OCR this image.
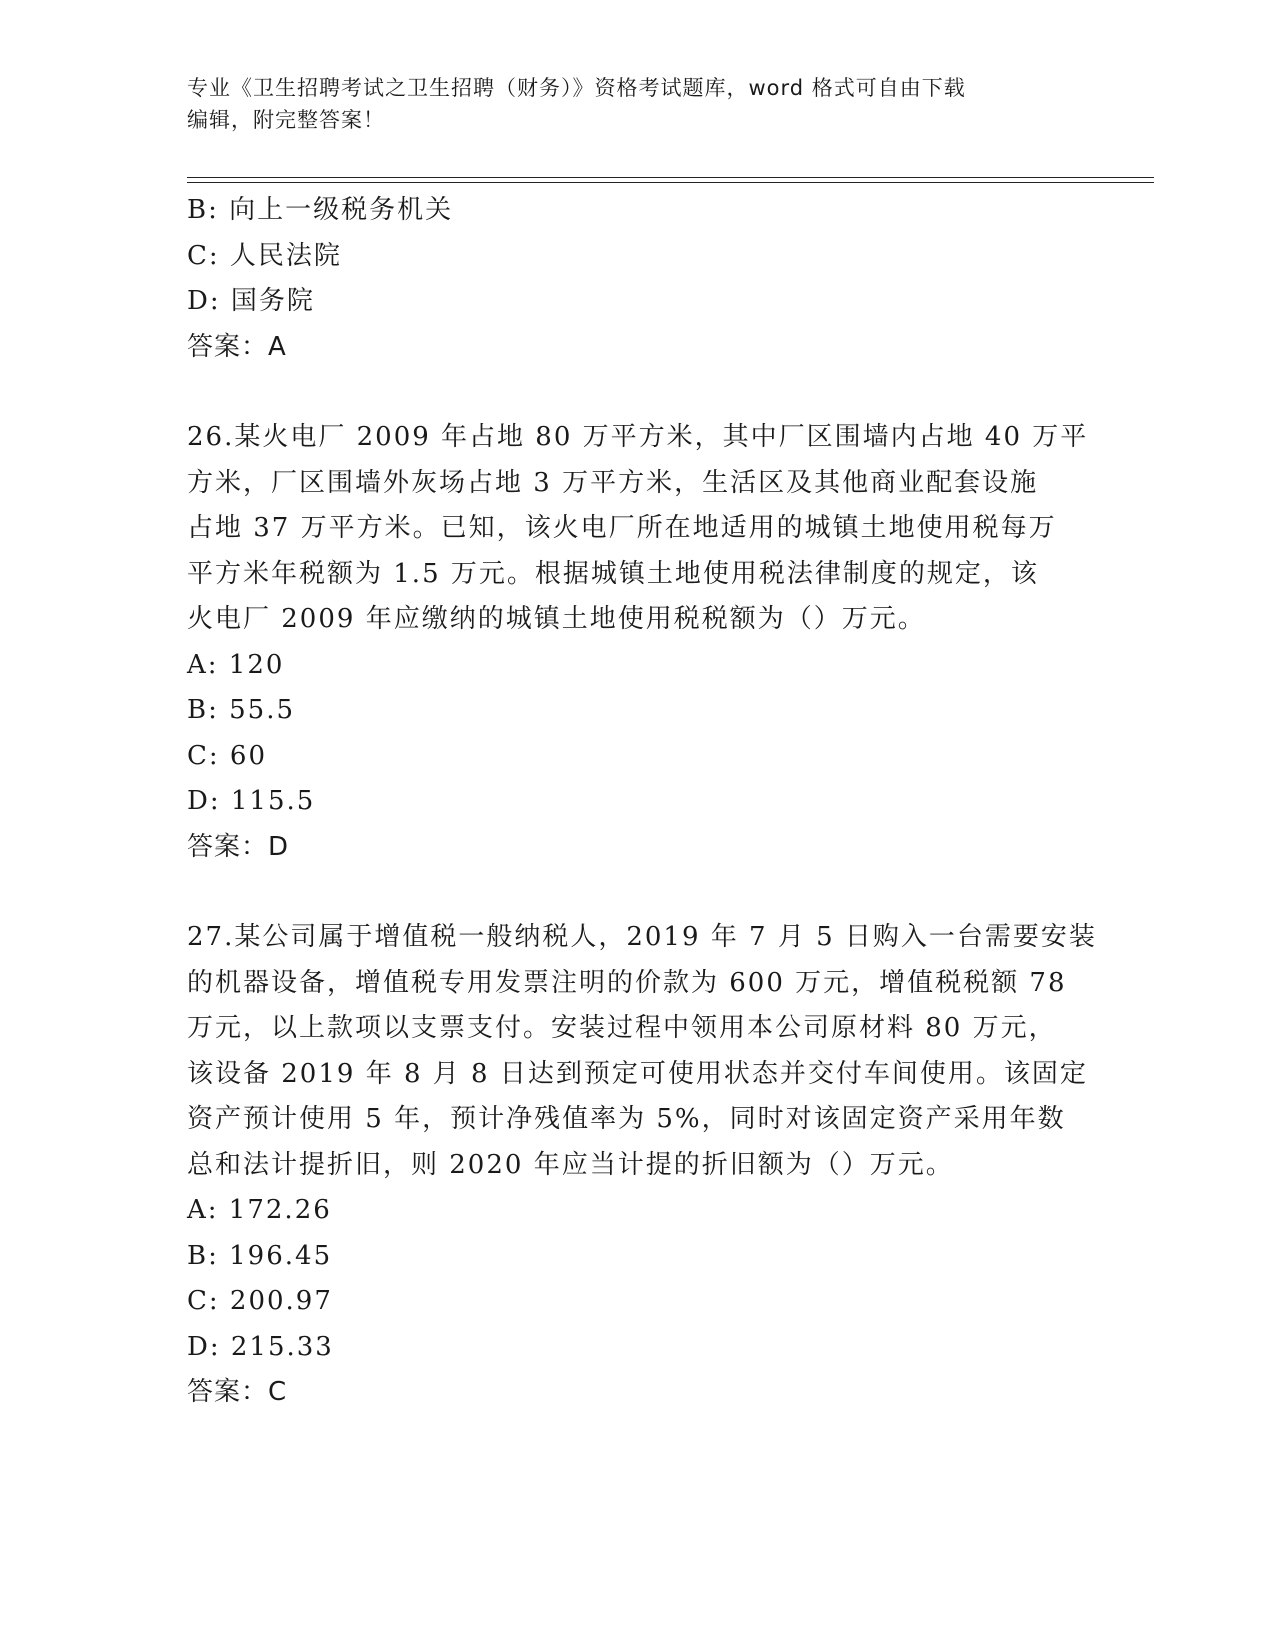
专业《卫生招聘考试之卫生招聘（财务）》资格考试题库，word 格式可自由下载
编辑，附完整答案！
B: 向上一级税务机关
C: 人民法院
D: 国务院
答案：A
26.某火电厂 2009 年占地 80 万平方米，其中厂区围墙内占地 40 万平
方米，厂区围墙外灰场占地 3 万平方米，生活区及其他商业配套设施
占地 37 万平方米。已知，该火电厂所在地适用的城镇土地使用税每万
平方米年税额为 1.5 万元。根据城镇土地使用税法律制度的规定，该
火电厂 2009 年应缴纳的城镇土地使用税税额为（）万元。
A: 120
B: 55.5
C: 60
D: 115.5
答案：D
27.某公司属于增值税一般纳税人，2019 年 7 月 5 日购入一台需要安装
的机器设备，增值税专用发票注明的价款为 600 万元，增值税税额 78
万元，以上款项以支票支付。安装过程中领用本公司原材料 80 万元，
该设备 2019 年 8 月 8 日达到预定可使用状态并交付车间使用。该固定
资产预计使用 5 年，预计净残值率为 5%，同时对该固定资产采用年数
总和法计提折旧，则 2020 年应当计提的折旧额为（）万元。
A: 172.26
B: 196.45
C: 200.97
D: 215.33
答案：C
